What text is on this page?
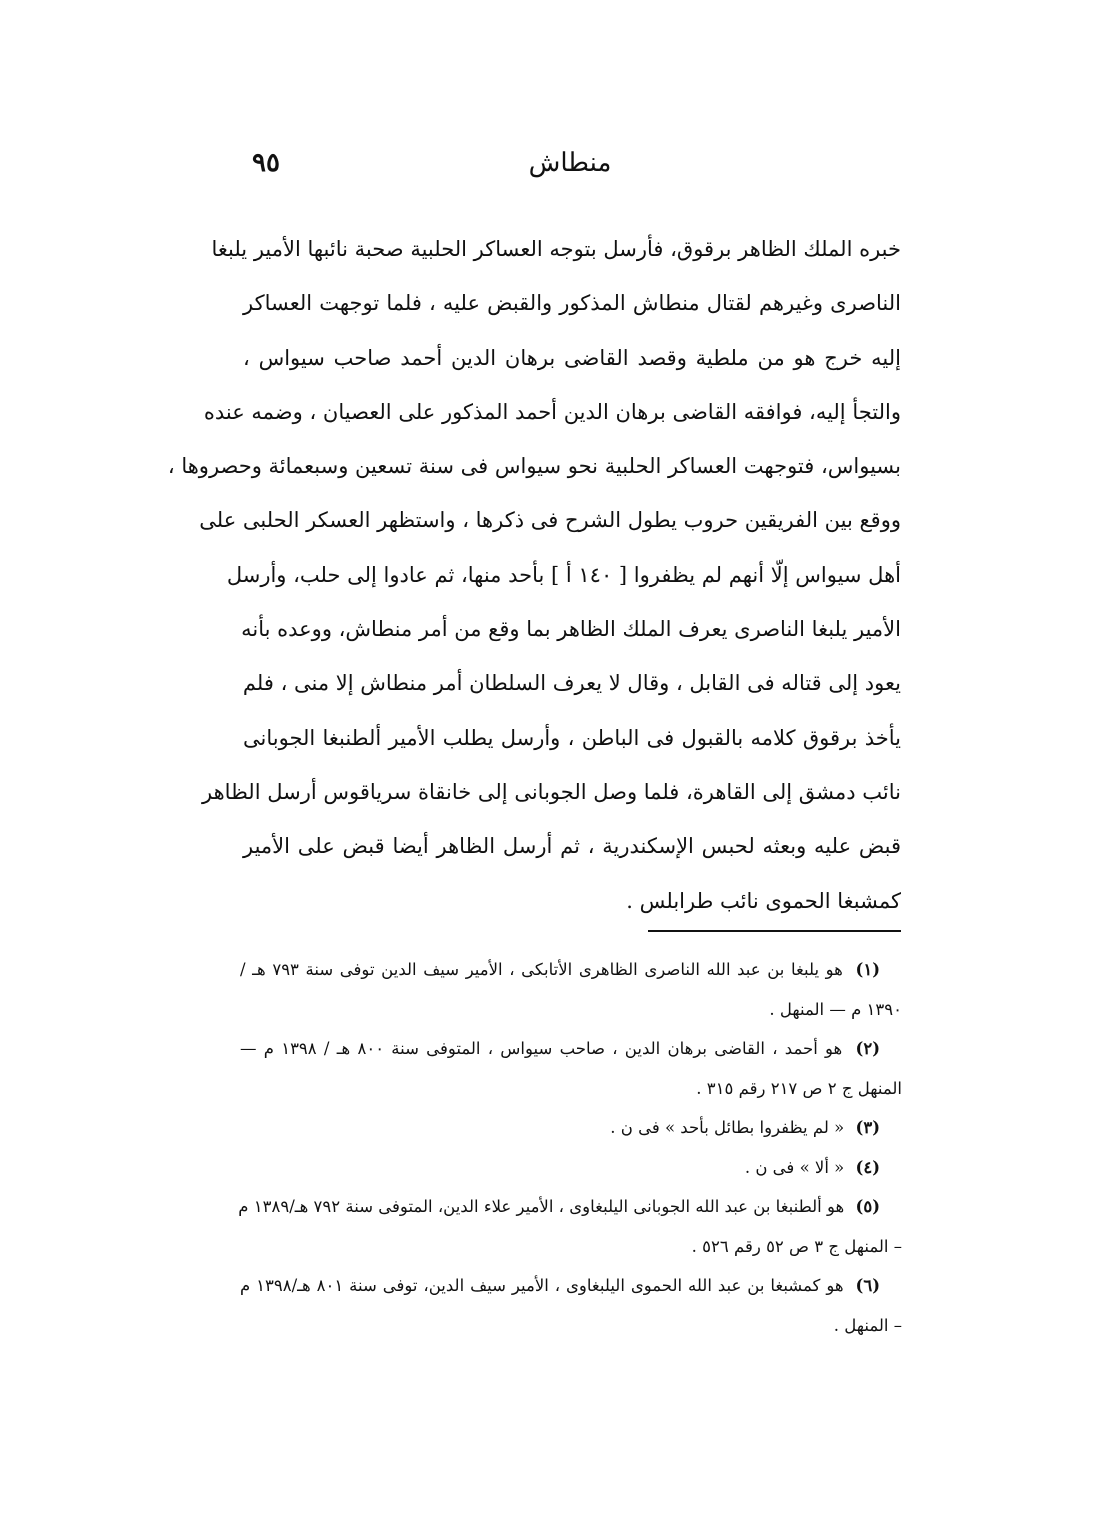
٩٥	منطاش
خبره الملك الظاهر برقوق، فأرسل بتوجه العساكر الحلبية صحبة نائبها الأمير يلبغا
الناصرى وغيرهم لقتال منطاش المذكور والقبض عليه ، فلما توجهت العساكر
إليه خرج هو من ملطية وقصد القاضى برهان الدين أحمد صاحب سيواس ،
والتجأ إليه، فوافقه القاضى برهان الدين أحمد المذكور على العصيان ، وضمه عنده
بسيواس، فتوجهت العساكر الحلبية نحو سيواس فى سنة تسعين وسبعمائة وحصروها ،
ووقع بين الفريقين حروب يطول الشرح فى ذكرها ، واستظهر العسكر الحلبى على
أهل سيواس إلّا أنهم لم يظفروا [ ١٤٠ أ ] بأحد منها، ثم عادوا إلى حلب، وأرسل
الأمير يلبغا الناصرى يعرف الملك الظاهر بما وقع من أمر منطاش، ووعده بأنه
يعود إلى قتاله فى القابل ، وقال لا يعرف السلطان أمر منطاش إلا منى ، فلم
يأخذ برقوق كلامه بالقبول فى الباطن ، وأرسل يطلب الأمير ألطنبغا الجوبانى
نائب دمشق إلى القاهرة، فلما وصل الجوبانى إلى خانقاة سرياقوس أرسل الظاهر
قبض عليه وبعثه لحبس الإسكندرية ، ثم أرسل الظاهر أيضا قبض على الأمير
كمشبغا الحموى نائب طرابلس .
(١) هو يلبغا بن عبد الله الناصرى الظاهرى الأتابكى ، الأمير سيف الدين توفى سنة ٧٩٣ هـ /
١٣٩٠ م — المنهل .
(٢) هو أحمد ، القاضى برهان الدين ، صاحب سيواس ، المتوفى سنة ٨٠٠ هـ / ١٣٩٨ م —
المنهل ج ٢ ص ٢١٧ رقم ٣١٥ .
(٣) « لم يظفروا بطائل بأحد » فى ن .
(٤) « ألا » فى ن .
(٥) هو ألطنبغا بن عبد الله الجوبانى اليلبغاوى ، الأمير علاء الدين، المتوفى سنة ٧٩٢ هـ/١٣٨٩ م
– المنهل ج ٣ ص ٥٢ رقم ٥٢٦ .
(٦) هو كمشبغا بن عبد الله الحموى اليلبغاوى ، الأمير سيف الدين، توفى سنة ٨٠١ هـ/١٣٩٨ م
– المنهل .
